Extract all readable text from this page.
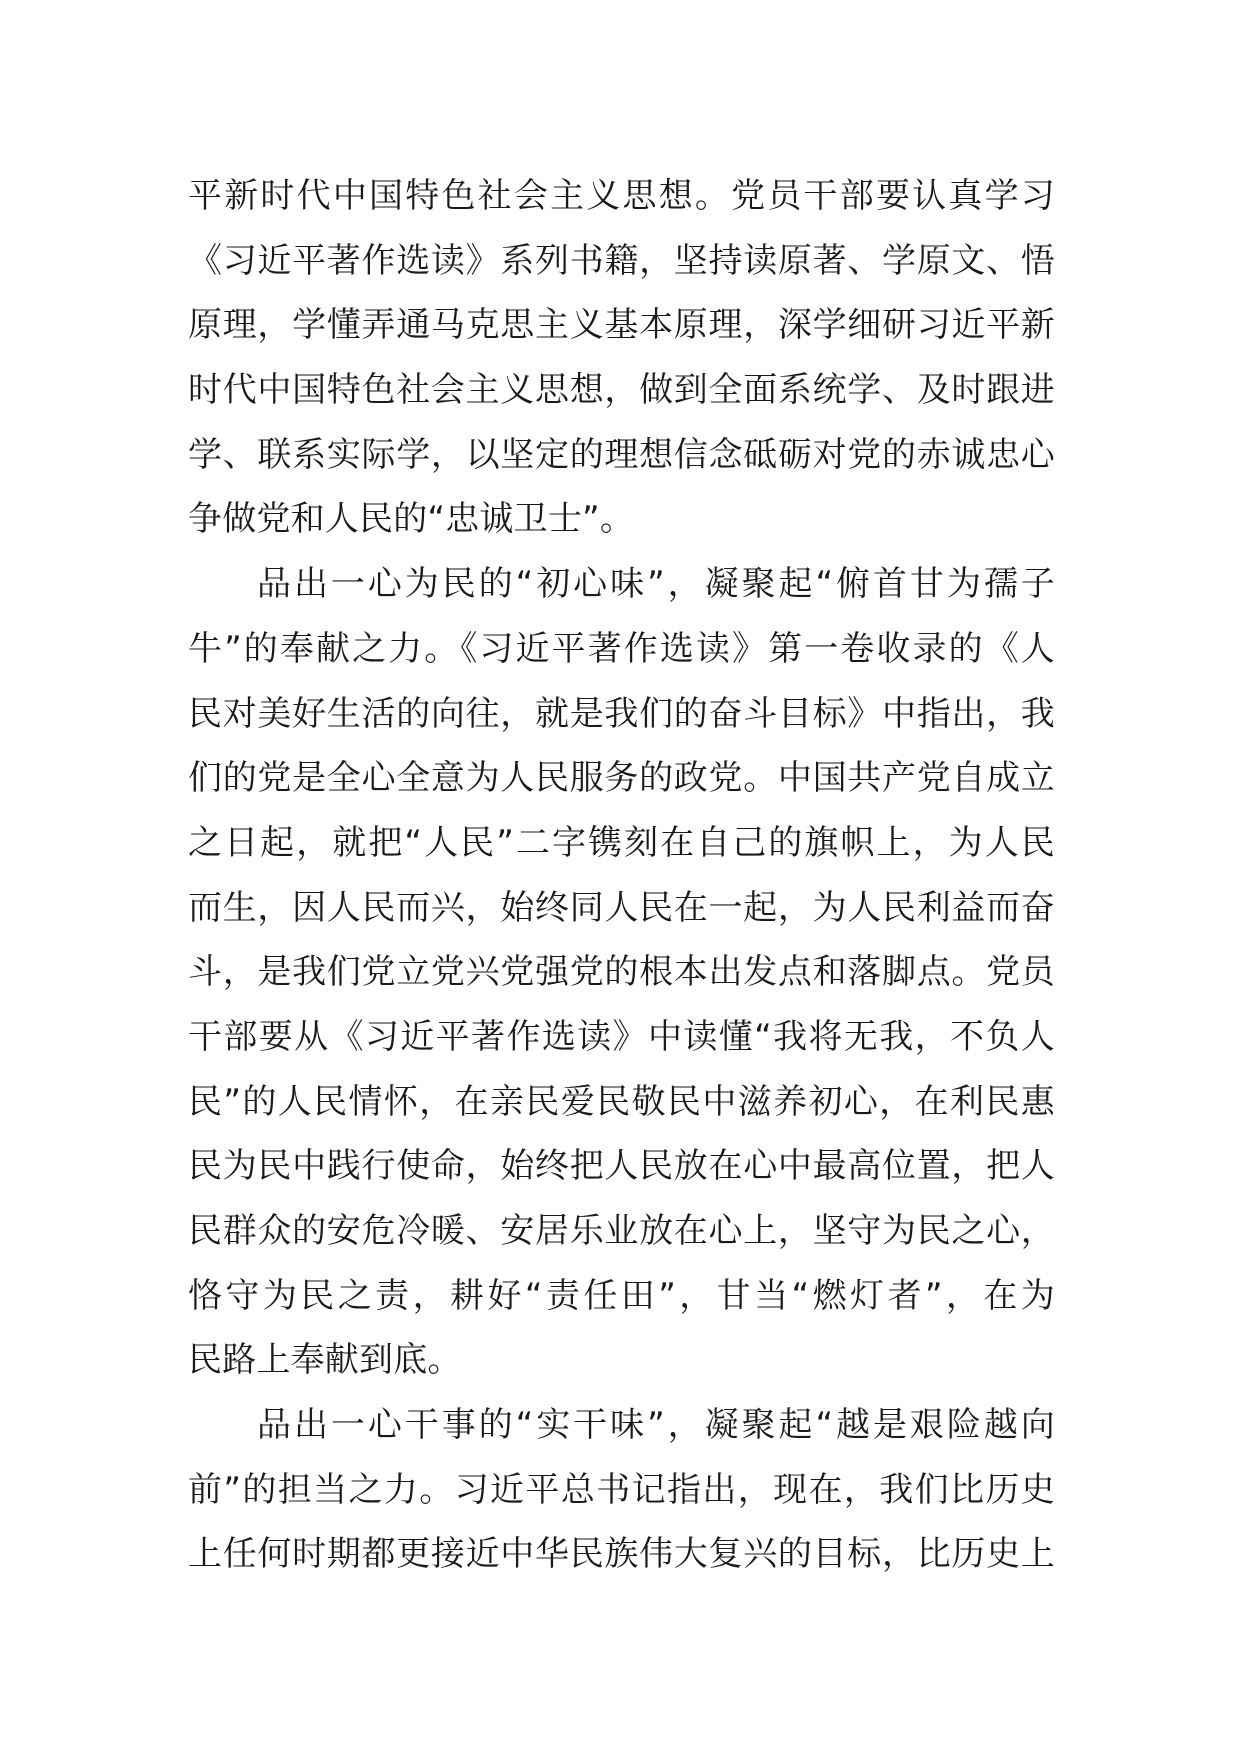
平新时代中国特色社会主义思想。党员干部要认真学习
《习近平著作选读》系列书籍，坚持读原著、学原文、悟
原理，学懂弄通马克思主义基本原理，深学细研习近平新
时代中国特色社会主义思想，做到全面系统学、及时跟进
学、联系实际学，以坚定的理想信念砥砺对党的赤诚忠心
争做党和人民的“忠诚卫士”。
品出一心为民的“初心味”，凝聚起“俯首甘为孺子
牛”的奉献之力。《习近平著作选读》第一卷收录的《人
民对美好生活的向往，就是我们的奋斗目标》中指出，我
们的党是全心全意为人民服务的政党。中国共产党自成立
之日起，就把“人民”二字镌刻在自己的旗帜上，为人民
而生，因人民而兴，始终同人民在一起，为人民利益而奋
斗，是我们党立党兴党强党的根本出发点和落脚点。党员
干部要从《习近平著作选读》中读懂“我将无我，不负人
民”的人民情怀，在亲民爱民敬民中滋养初心，在利民惠
民为民中践行使命，始终把人民放在心中最高位置，把人
民群众的安危冷暖、安居乐业放在心上，坚守为民之心，
恪守为民之责，耕好“责任田”，甘当“燃灯者”，在为
民路上奉献到底。
品出一心干事的“实干味”，凝聚起“越是艰险越向
前”的担当之力。习近平总书记指出，现在，我们比历史
上任何时期都更接近中华民族伟大复兴的目标，比历史上
